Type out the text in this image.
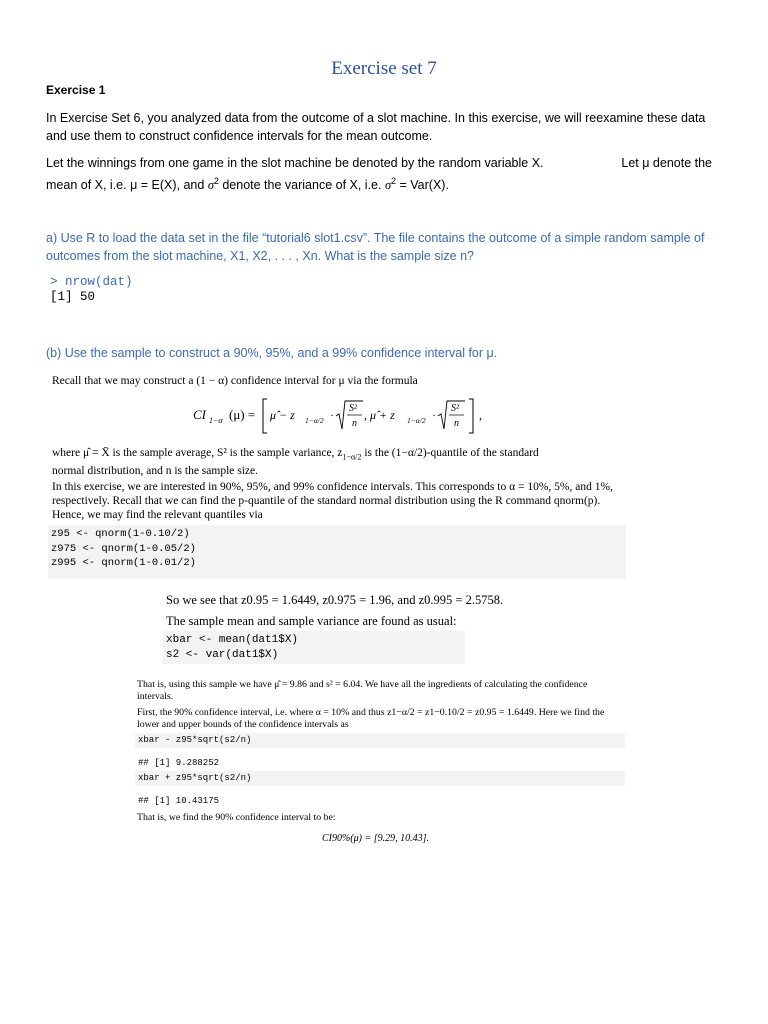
Exercise set 7
Exercise 1
In Exercise Set 6, you analyzed data from the outcome of a slot machine. In this exercise, we will reexamine these data and use them to construct confidence intervals for the mean outcome.
Let the winnings from one game in the slot machine be denoted by the random variable X.	Let μ denote the
mean of X, i.e. μ = E(X), and $\sigma^2$ denote the variance of X, i.e. $\sigma^2 = Var(X)$.
a) Use R to load the data set in the file “tutorial6 slot1.csv”. The file contains the outcome of a simple random sample of outcomes from the slot machine, X1, X2, . . . , Xn. What is the sample size n?
> nrow(dat)
[1] 50
(b) Use the sample to construct a 90%, 95%, and a 99% confidence interval for μ.
Recall that we may construct a (1 − α) confidence interval for μ via the formula
CI 1−α (μ) = μ̂ − z 1−α/2 · S²
n
, μ̂ + z 1−α/2 · S²
n
,
where μ̂ = X̄ is the sample average, S² is the sample variance, $z_{1-\alpha/2}$ is the (1−α/2)-quantile of the standard
normal distribution, and n is the sample size.
In this exercise, we are interested in 90%, 95%, and 99% confidence intervals. This corresponds to α = 10%, 5%, and 1%, respectively. Recall that we can find the p-quantile of the standard normal distribution using the R command qnorm(p). Hence, we may find the relevant quantiles via
z95 <- qnorm(1-0.10/2)
z975 <- qnorm(1-0.05/2)
z995 <- qnorm(1-0.01/2)
So we see that z0.95 = 1.6449, z0.975 = 1.96, and z0.995 = 2.5758.
The sample mean and sample variance are found as usual:
xbar <- mean(dat1$X)
s2 <- var(dat1$X)
That is, using this sample we have μ̂ = 9.86 and s² = 6.04. We have all the ingredients of calculating the confidence intervals.
First, the 90% confidence interval, i.e. where α = 10% and thus z1−α/2 = z1−0.10/2 = z0.95 = 1.6449. Here we find the lower and upper bounds of the confidence intervals as
xbar - z95*sqrt(s2/n)
## [1] 9.288252
xbar + z95*sqrt(s2/n)
## [1] 10.43175
That is, we find the 90% confidence interval to be:
CI90%(μ) = [9.29, 10.43].
